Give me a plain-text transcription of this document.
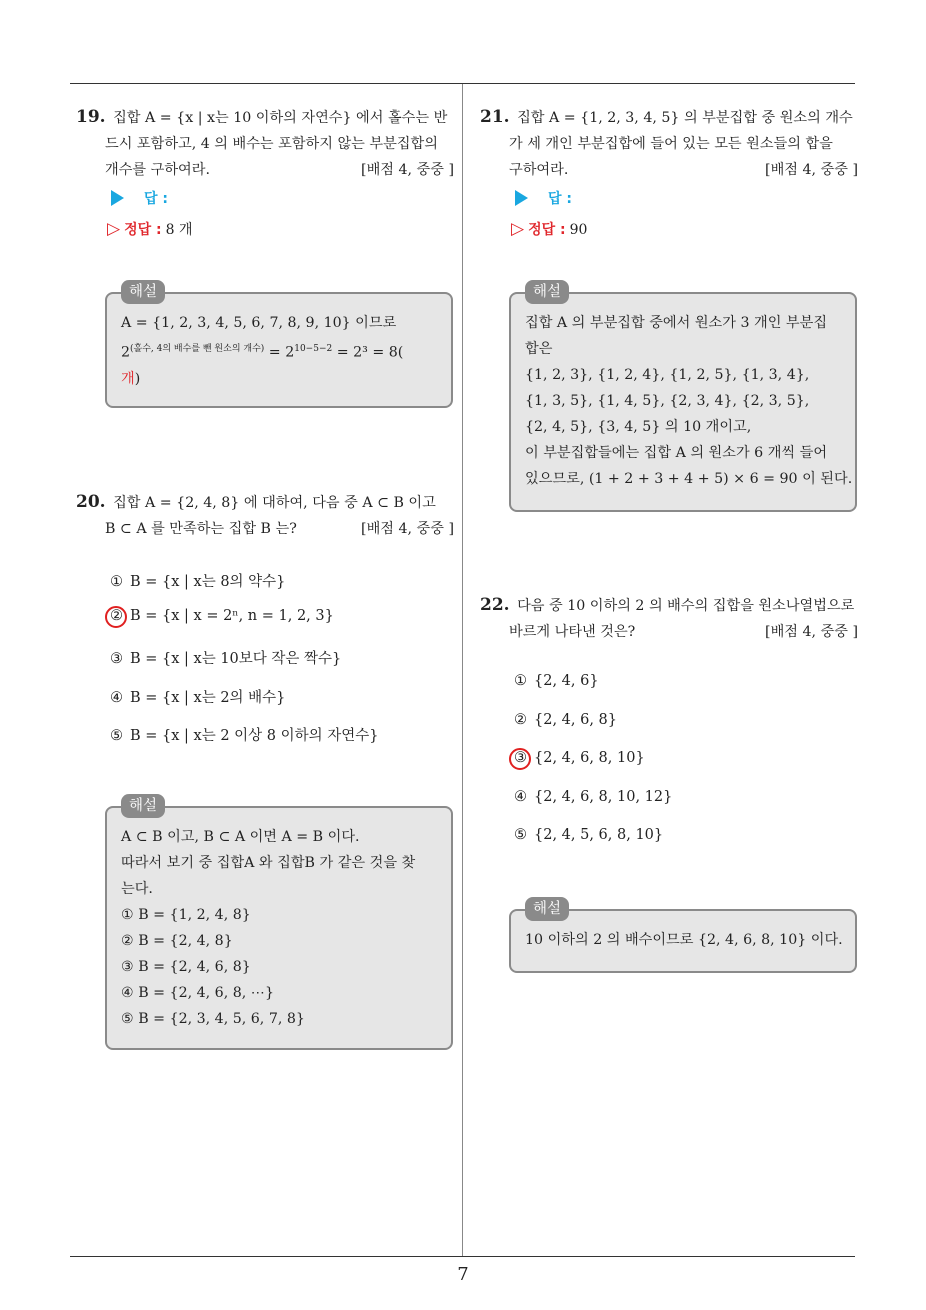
7
19. 집합 A = {x | x는 10 이하의 자연수} 에서 홀수는 반
드시 포함하고, 4 의 배수는 포함하지 않는 부분집합의
개수를 구하여라.	[배점 4, 중중 ]
답 :
▷ 정답 : 8 개
해설

A = {1, 2, 3, 4, 5, 6, 7, 8, 9, 10} 이므로

$2^{(홀수, 4의 배수를 뺀 원소의 개수)} = 2^{10-5-2} = 2^3 = 8$(

개)

20. 집합 A = {2, 4, 8} 에 대하여, 다음 중 A ⊂ B 이고
B ⊂ A 를 만족하는 집합 B 는?	[배점 4, 중중 ]
① B = {x | x는 8의 약수}
② B = {x | x = 2ⁿ, n = 1, 2, 3}
③ B = {x | x는 10보다 작은 짝수}
④ B = {x | x는 2의 배수}
⑤ B = {x | x는 2 이상 8 이하의 자연수}
해설

A ⊂ B 이고, B ⊂ A 이면 A = B 이다.

따라서 보기 중 집합A 와 집합B 가 같은 것을 찾

는다.

① B = {1, 2, 4, 8}

② B = {2, 4, 8}

③ B = {2, 4, 6, 8}

④ B = {2, 4, 6, 8, ⋯}

⑤ B = {2, 3, 4, 5, 6, 7, 8}

21. 집합 A = {1, 2, 3, 4, 5} 의 부분집합 중 원소의 개수
가 세 개인 부분집합에 들어 있는 모든 원소들의 합을
구하여라.	[배점 4, 중중 ]
답 :
▷ 정답 : 90
해설

집합 A 의 부분집합 중에서 원소가 3 개인 부분집

합은

{1, 2, 3}, {1, 2, 4}, {1, 2, 5}, {1, 3, 4},

{1, 3, 5}, {1, 4, 5}, {2, 3, 4}, {2, 3, 5},

{2, 4, 5}, {3, 4, 5} 의 10 개이고,

이 부분집합들에는 집합 A 의 원소가 6 개씩 들어

있으므로, (1 + 2 + 3 + 4 + 5) × 6 = 90 이 된다.

22. 다음 중 10 이하의 2 의 배수의 집합을 원소나열법으로
바르게 나타낸 것은?	[배점 4, 중중 ]
① {2, 4, 6}
② {2, 4, 6, 8}
③ {2, 4, 6, 8, 10}
④ {2, 4, 6, 8, 10, 12}
⑤ {2, 4, 5, 6, 8, 10}
해설

10 이하의 2 의 배수이므로 {2, 4, 6, 8, 10} 이다.
